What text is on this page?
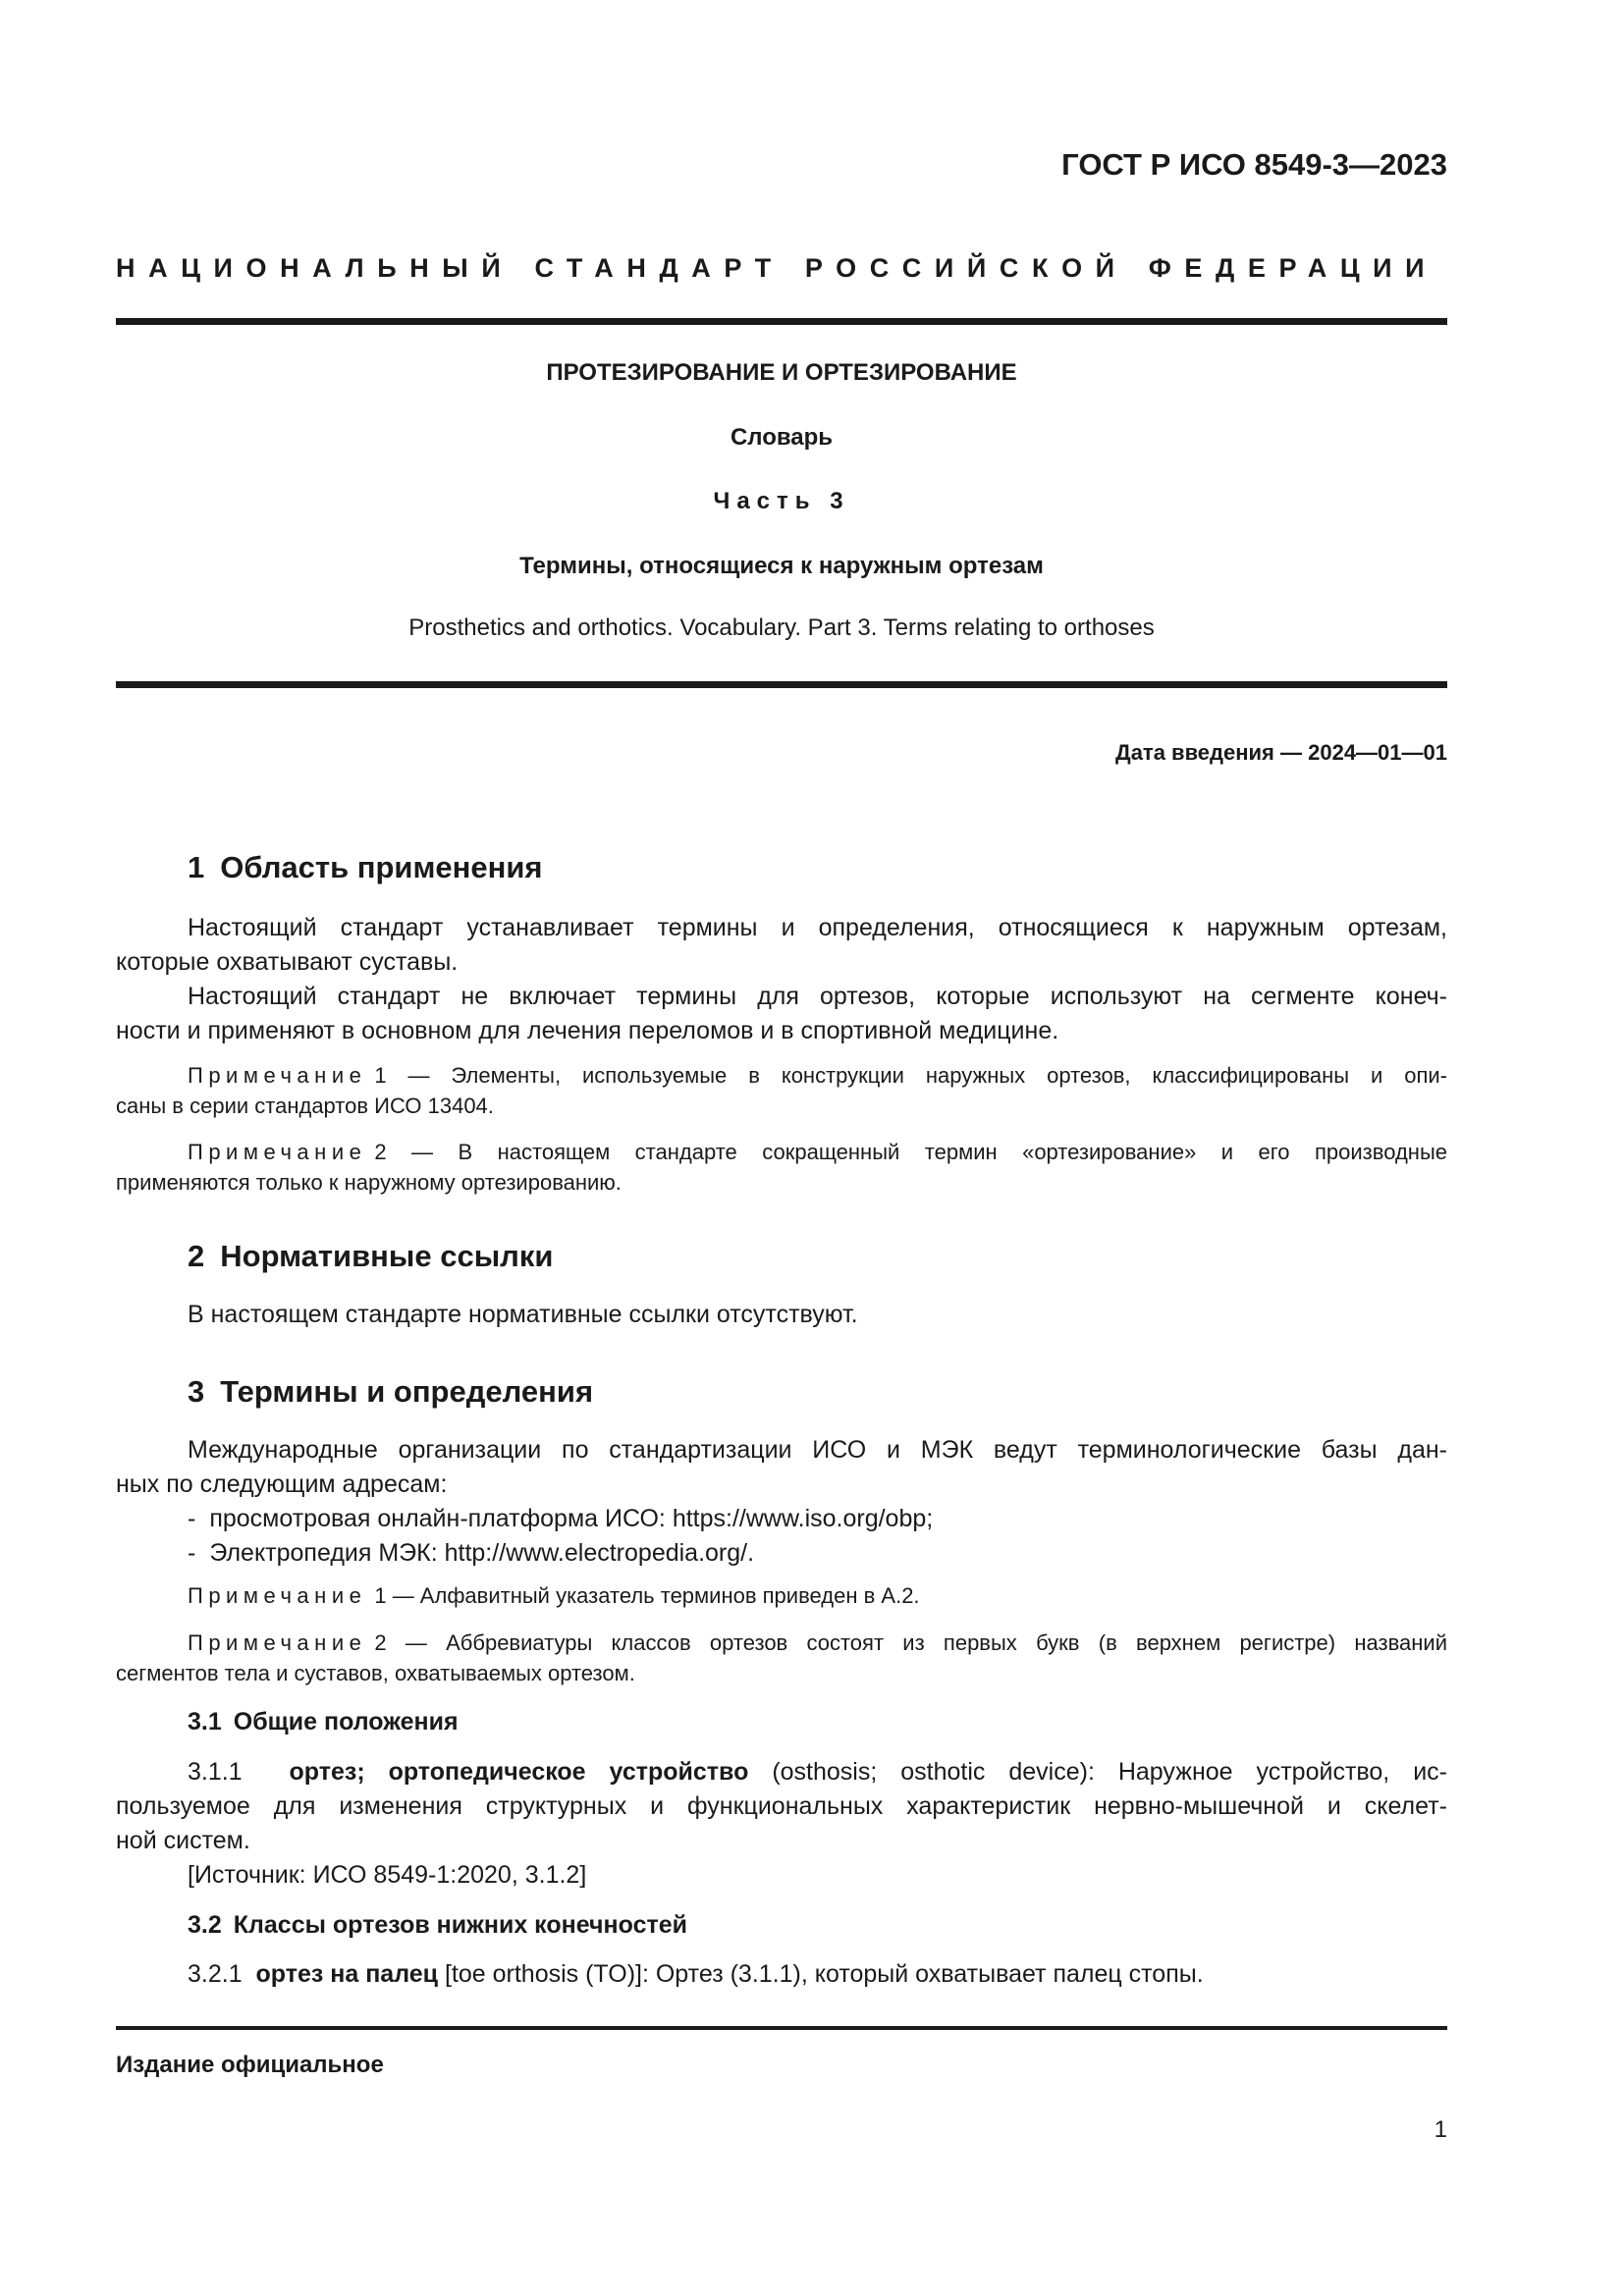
ГОСТ Р ИСО 8549-3—2023
НАЦИОНАЛЬНЫЙ СТАНДАРТ РОССИЙСКОЙ ФЕДЕРАЦИИ
ПРОТЕЗИРОВАНИЕ И ОРТЕЗИРОВАНИЕ
Словарь
Часть 3
Термины, относящиеся к наружным ортезам
Prosthetics and orthotics. Vocabulary. Part 3. Terms relating to orthoses
Дата введения — 2024—01—01
1 Область применения
Настоящий стандарт устанавливает термины и определения, относящиеся к наружным ортезам,
которые охватывают суставы.
Настоящий стандарт не включает термины для ортезов, которые используют на сегменте конеч-
ности и применяют в основном для лечения переломов и в спортивной медицине.
Примечание 1 — Элементы, используемые в конструкции наружных ортезов, классифицированы и опи-
саны в серии стандартов ИСО 13404.
Примечание 2 — В настоящем стандарте сокращенный термин «ортезирование» и его производные
применяются только к наружному ортезированию.
2 Нормативные ссылки
В настоящем стандарте нормативные ссылки отсутствуют.
3 Термины и определения
Международные организации по стандартизации ИСО и МЭК ведут терминологические базы дан-
ных по следующим адресам:
- просмотровая онлайн-платформа ИСО: https://www.iso.org/obp;
- Электропедия МЭК: http://www.electropedia.org/.
Примечание 1 — Алфавитный указатель терминов приведен в А.2.
Примечание 2 — Аббревиатуры классов ортезов состоят из первых букв (в верхнем регистре) названий
сегментов тела и суставов, охватываемых ортезом.
3.1 Общие положения
3.1.1 ортез; ортопедическое устройство (osthosis; osthotic device): Наружное устройство, ис-
пользуемое для изменения структурных и функциональных характеристик нервно-мышечной и скелет-
ной систем.
[Источник: ИСО 8549-1:2020, 3.1.2]
3.2 Классы ортезов нижних конечностей
3.2.1 ортез на палец [toe orthosis (TO)]: Ортез (3.1.1), который охватывает палец стопы.
Издание официальное
1
